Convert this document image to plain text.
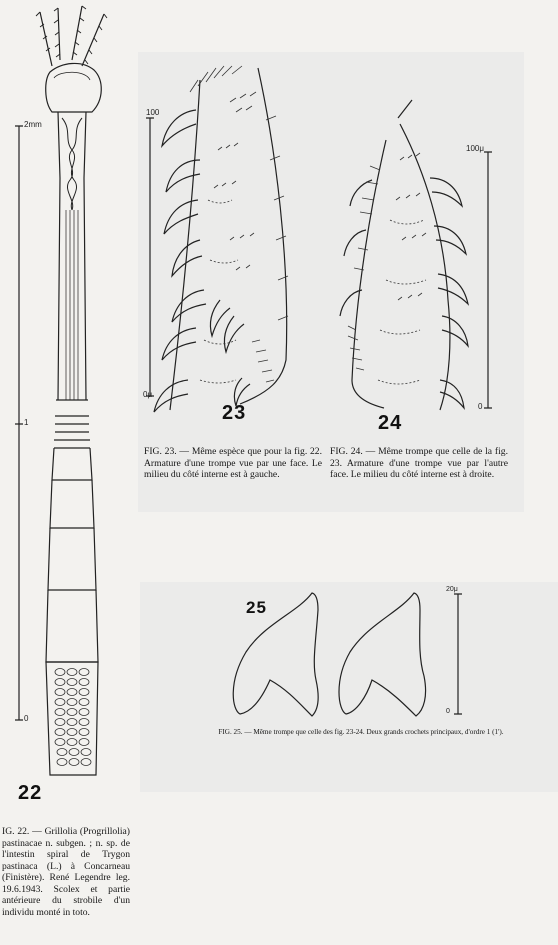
2mm
1
0
22
IG. 22. — Grillolia (Progrillolia) pastinacae n. subgen. ; n. sp. de l'intestin spiral de Trygon pastinaca (L.) à Concarneau (Finistère). René Legendre leg. 19.6.1943. Scolex et partie antérieure du strobile d'un individu monté in toto.
100
0μ
23
FIG. 23. — Même espèce que pour la fig. 22. Armature d'une trompe vue par une face. Le milieu du côté interne est à gauche.
100μ
0
24
FIG. 24. — Même trompe que celle de la fig. 23. Armature d'une trompe vue par l'autre face. Le milieu du côté interne est à droite.
25
20μ
0
FIG. 25. — Même trompe que celle des fig. 23-24. Deux grands crochets principaux, d'ordre 1 (1').
